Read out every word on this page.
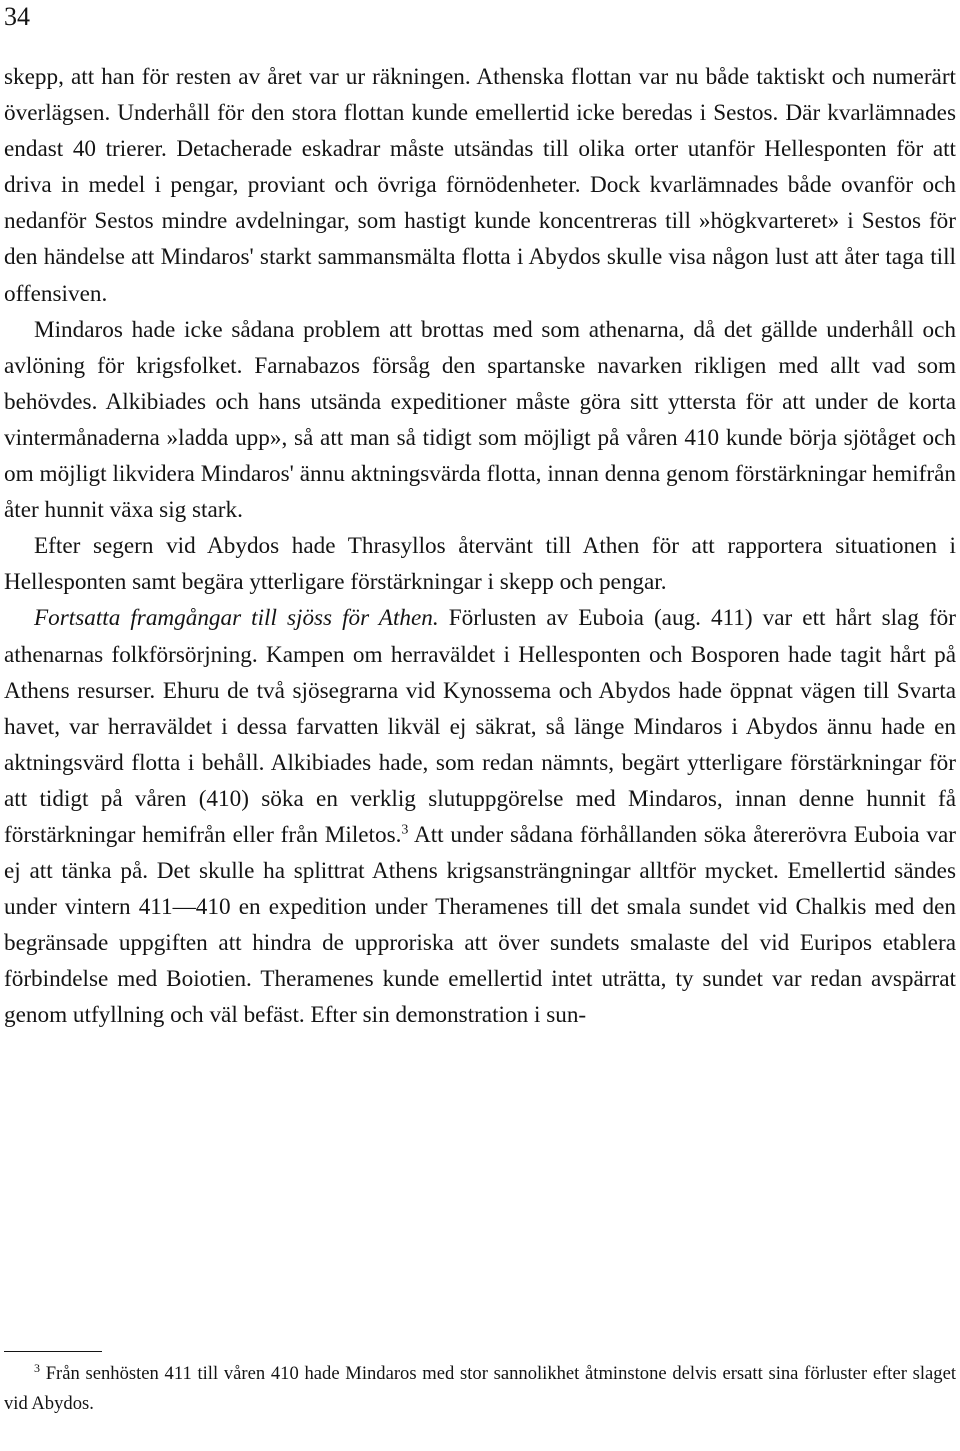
34

skepp, att han för resten av året var ur räkningen. Athenska flottan var nu både taktiskt och numerärt överlägsen. Underhåll för den stora flottan kunde emellertid icke beredas i Sestos. Där kvarlämnades endast 40 trierer. Detacherade eskadrar måste utsändas till olika orter utanför Hellesponten för att driva in medel i pengar, proviant och övriga förnödenheter. Dock kvarlämnades både ovanför och nedanför Sestos mindre avdelningar, som hastigt kunde koncentreras till »högkvarteret» i Sestos för den händelse att Mindaros' starkt sammansmälta flotta i Abydos skulle visa någon lust att åter taga till offensiven.

Mindaros hade icke sådana problem att brottas med som athenarna, då det gällde underhåll och avlöning för krigsfolket. Farnabazos försåg den spartanske navarken rikligen med allt vad som behövdes. Alkibiades och hans utsända expeditioner måste göra sitt yttersta för att under de korta vintermånaderna »ladda upp», så att man så tidigt som möjligt på våren 410 kunde börja sjötåget och om möjligt likvidera Mindaros' ännu aktningsvärda flotta, innan denna genom förstärkningar hemifrån åter hunnit växa sig stark.

Efter segern vid Abydos hade Thrasyllos återvänt till Athen för att rapportera situationen i Hellesponten samt begära ytterligare förstärkningar i skepp och pengar.

Fortsatta framgångar till sjöss för Athen. Förlusten av Euboia (aug. 411) var ett hårt slag för athenarnas folkförsörjning. Kampen om herraväldet i Hellesponten och Bosporen hade tagit hårt på Athens resurser. Ehuru de två sjösegrarna vid Kynossema och Abydos hade öppnat vägen till Svarta havet, var herraväldet i dessa farvatten likväl ej säkrat, så länge Mindaros i Abydos ännu hade en aktningsvärd flotta i behåll. Alkibiades hade, som redan nämnts, begärt ytterligare förstärkningar för att tidigt på våren (410) söka en verklig slutuppgörelse med Mindaros, innan denne hunnit få förstärkningar hemifrån eller från Miletos.$^3$ Att under sådana förhållanden söka återerövra Euboia var ej att tänka på. Det skulle ha splittrat Athens krigsansträngningar alltför mycket. Emellertid sändes under vintern 411—410 en expedition under Theramenes till det smala sundet vid Chalkis med den begränsade uppgiften att hindra de upproriska att över sundets smalaste del vid Euripos etablera förbindelse med Boiotien. Theramenes kunde emellertid intet uträtta, ty sundet var redan avspärrat genom utfyllning och väl befäst. Efter sin demonstration i sun-

$^3$ Från senhösten 411 till våren 410 hade Mindaros med stor sannolikhet åtminstone delvis ersatt sina förluster efter slaget vid Abydos.
